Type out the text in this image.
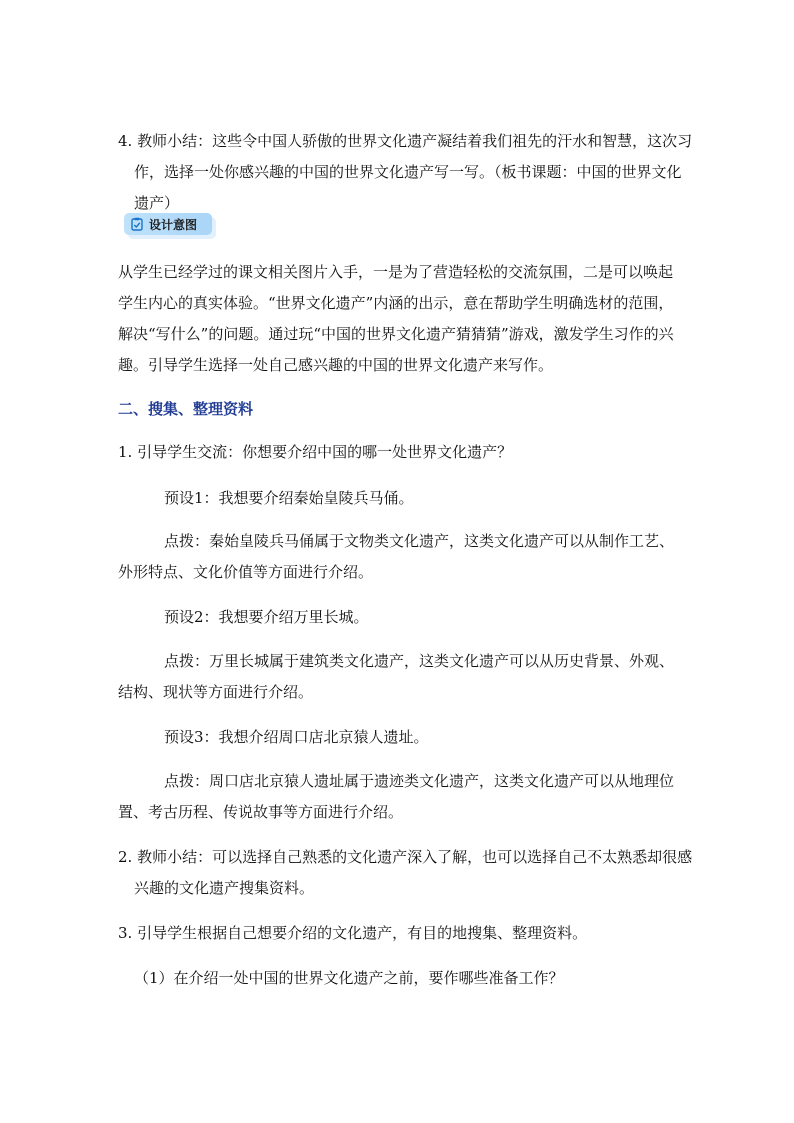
4. 教师小结：这些令中国人骄傲的世界文化遗产凝结着我们祖先的汗水和智慧，这次习作，选择一处你感兴趣的中国的世界文化遗产写一写。（板书课题：中国的世界文化遗产）

设计意图

从学生已经学过的课文相关图片入手，一是为了营造轻松的交流氛围，二是可以唤起学生内心的真实体验。“世界文化遗产”内涵的出示，意在帮助学生明确选材的范围，解决“写什么”的问题。通过玩“中国的世界文化遗产猜猜猜”游戏，激发学生习作的兴趣。引导学生选择一处自己感兴趣的中国的世界文化遗产来写作。

二、搜集、整理资料

1. 引导学生交流：你想要介绍中国的哪一处世界文化遗产？

预设1：我想要介绍秦始皇陵兵马俑。

点拨：秦始皇陵兵马俑属于文物类文化遗产，这类文化遗产可以从制作工艺、外形特点、文化价值等方面进行介绍。

预设2：我想要介绍万里长城。

点拨：万里长城属于建筑类文化遗产，这类文化遗产可以从历史背景、外观、结构、现状等方面进行介绍。

预设3：我想介绍周口店北京猿人遗址。

点拨：周口店北京猿人遗址属于遗迹类文化遗产，这类文化遗产可以从地理位置、考古历程、传说故事等方面进行介绍。

2. 教师小结：可以选择自己熟悉的文化遗产深入了解，也可以选择自己不太熟悉却很感兴趣的文化遗产搜集资料。

3. 引导学生根据自己想要介绍的文化遗产，有目的地搜集、整理资料。

（1）在介绍一处中国的世界文化遗产之前，要作哪些准备工作？
